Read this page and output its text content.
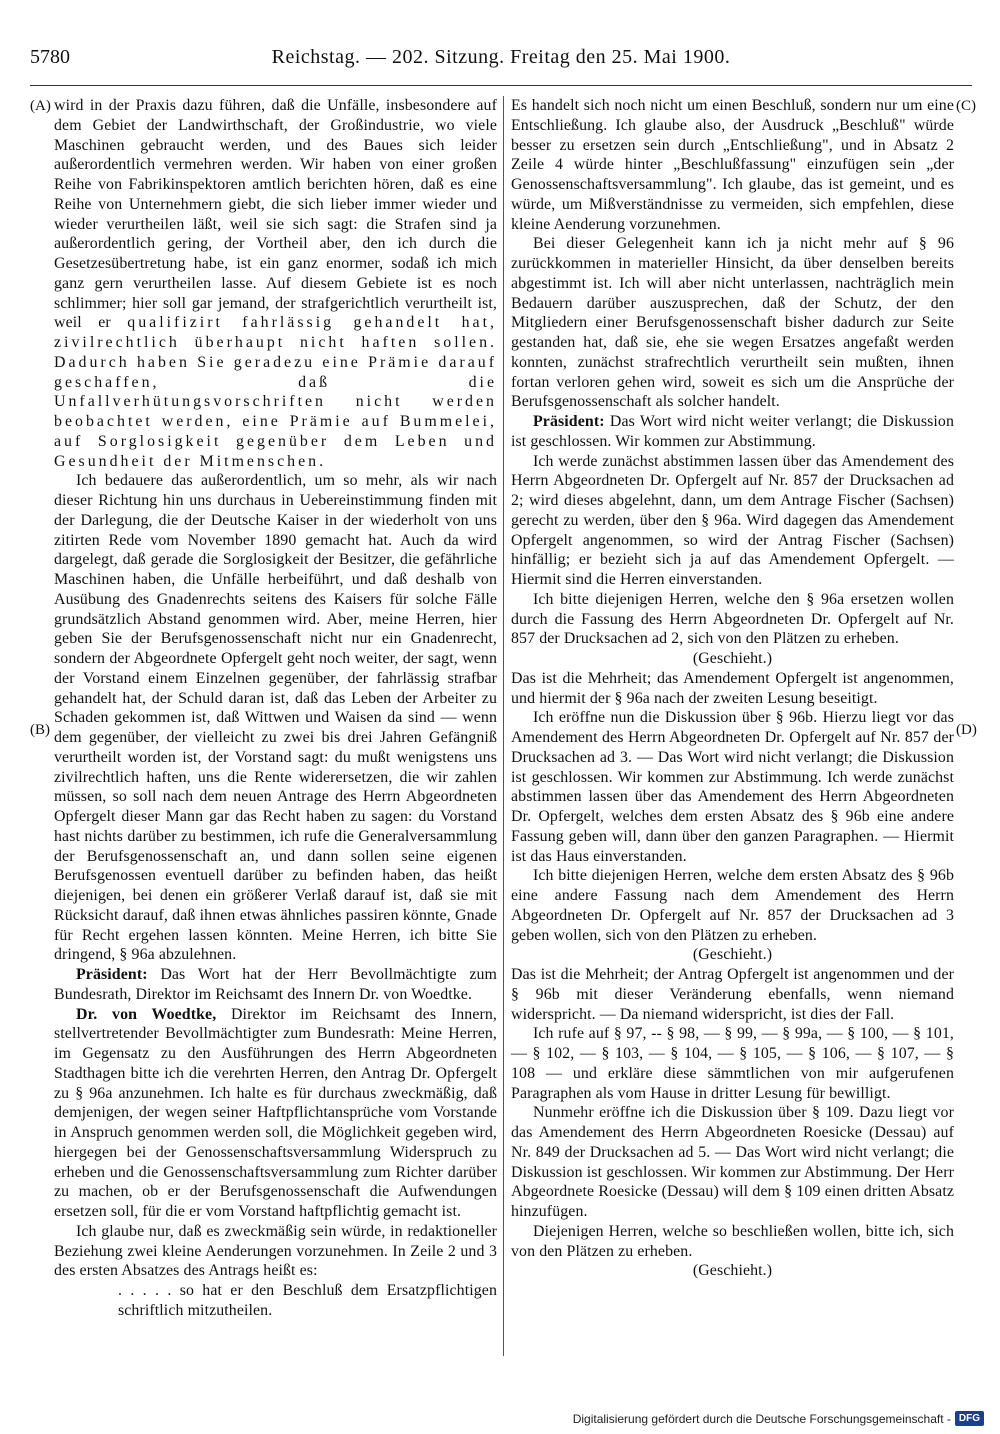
5780	Reichstag. — 202. Sitzung. Freitag den 25. Mai 1900.
(A)
(B)
(C)
(D)

wird in der Praxis dazu führen, daß die Unfälle, insbesondere auf dem Gebiet der Landwirthschaft, der Großindustrie, wo viele Maschinen gebraucht werden, und des Baues sich leider außerordentlich vermehren werden. Wir haben von einer großen Reihe von Fabrikinspektoren amtlich berichten hören, daß es eine Reihe von Unternehmern giebt, die sich lieber immer wieder und wieder verurtheilen läßt, weil sie sich sagt: die Strafen sind ja außerordentlich gering, der Vortheil aber, den ich durch die Gesetzesübertretung habe, ist ein ganz enormer, sodaß ich mich ganz gern verurtheilen lasse. Auf diesem Gebiete ist es noch schlimmer; hier soll gar jemand, der strafgerichtlich verurtheilt ist, weil er qualifizirt fahrlässig gehandelt hat, zivilrechtlich überhaupt nicht haften sollen. Dadurch haben Sie geradezu eine Prämie darauf geschaffen, daß die Unfallverhütungsvorschriften nicht werden beobachtet werden, eine Prämie auf Bummelei, auf Sorglosigkeit gegenüber dem Leben und Gesundheit der Mitmenschen.

Ich bedauere das außerordentlich, um so mehr, als wir nach dieser Richtung hin uns durchaus in Uebereinstimmung finden mit der Darlegung, die der Deutsche Kaiser in der wiederholt von uns zitirten Rede vom November 1890 gemacht hat. Auch da wird dargelegt, daß gerade die Sorglosigkeit der Besitzer, die gefährliche Maschinen haben, die Unfälle herbeiführt, und daß deshalb von Ausübung des Gnadenrechts seitens des Kaisers für solche Fälle grundsätzlich Abstand genommen wird. Aber, meine Herren, hier geben Sie der Berufsgenossenschaft nicht nur ein Gnadenrecht, sondern der Abgeordnete Opfergelt geht noch weiter, der sagt, wenn der Vorstand einem Einzelnen gegenüber, der fahrlässig strafbar gehandelt hat, der Schuld daran ist, daß das Leben der Arbeiter zu Schaden gekommen ist, daß Wittwen und Waisen da sind — wenn dem gegenüber, der vielleicht zu zwei bis drei Jahren Gefängniß verurtheilt worden ist, der Vorstand sagt: du mußt wenigstens uns zivilrechtlich haften, uns die Rente widerersetzen, die wir zahlen müssen, so soll nach dem neuen Antrage des Herrn Abgeordneten Opfergelt dieser Mann gar das Recht haben zu sagen: du Vorstand hast nichts darüber zu bestimmen, ich rufe die Generalversammlung der Berufsgenossenschaft an, und dann sollen seine eigenen Berufsgenossen eventuell darüber zu befinden haben, das heißt diejenigen, bei denen ein größerer Verlaß darauf ist, daß sie mit Rücksicht darauf, daß ihnen etwas ähnliches passiren könnte, Gnade für Recht ergehen lassen könnten. Meine Herren, ich bitte Sie dringend, § 96a abzulehnen.

Präsident: Das Wort hat der Herr Bevollmächtigte zum Bundesrath, Direktor im Reichsamt des Innern Dr. von Woedtke.

Dr. von Woedtke, Direktor im Reichsamt des Innern, stellvertretender Bevollmächtigter zum Bundesrath: Meine Herren, im Gegensatz zu den Ausführungen des Herrn Abgeordneten Stadthagen bitte ich die verehrten Herren, den Antrag Dr. Opfergelt zu § 96a anzunehmen. Ich halte es für durchaus zweckmäßig, daß demjenigen, der wegen seiner Haftpflichtansprüche vom Vorstande in Anspruch genommen werden soll, die Möglichkeit gegeben wird, hiergegen bei der Genossenschaftsversammlung Widerspruch zu erheben und die Genossenschaftsversammlung zum Richter darüber zu machen, ob er der Berufsgenossenschaft die Aufwendungen ersetzen soll, für die er vom Vorstand haftpflichtig gemacht ist.

Ich glaube nur, daß es zweckmäßig sein würde, in redaktioneller Beziehung zwei kleine Aenderungen vorzunehmen. In Zeile 2 und 3 des ersten Absatzes des Antrags heißt es:

. . . . . so hat er den Beschluß dem Ersatzpflichtigen schriftlich mitzutheilen.

Es handelt sich noch nicht um einen Beschluß, sondern nur um eine Entschließung. Ich glaube also, der Ausdruck „Beschluß" würde besser zu ersetzen sein durch „Entschließung", und in Absatz 2 Zeile 4 würde hinter „Beschlußfassung" einzufügen sein „der Genossenschaftsversammlung". Ich glaube, das ist gemeint, und es würde, um Mißverständnisse zu vermeiden, sich empfehlen, diese kleine Aenderung vorzunehmen.

Bei dieser Gelegenheit kann ich ja nicht mehr auf § 96 zurückkommen in materieller Hinsicht, da über denselben bereits abgestimmt ist. Ich will aber nicht unterlassen, nachträglich mein Bedauern darüber auszusprechen, daß der Schutz, der den Mitgliedern einer Berufsgenossenschaft bisher dadurch zur Seite gestanden hat, daß sie, ehe sie wegen Ersatzes angefaßt werden konnten, zunächst strafrechtlich verurtheilt sein mußten, ihnen fortan verloren gehen wird, soweit es sich um die Ansprüche der Berufsgenossenschaft als solcher handelt.

Präsident: Das Wort wird nicht weiter verlangt; die Diskussion ist geschlossen. Wir kommen zur Abstimmung.

Ich werde zunächst abstimmen lassen über das Amendement des Herrn Abgeordneten Dr. Opfergelt auf Nr. 857 der Drucksachen ad 2; wird dieses abgelehnt, dann, um dem Antrage Fischer (Sachsen) gerecht zu werden, über den § 96a. Wird dagegen das Amendement Opfergelt angenommen, so wird der Antrag Fischer (Sachsen) hinfällig; er bezieht sich ja auf das Amendement Opfergelt. — Hiermit sind die Herren einverstanden.

Ich bitte diejenigen Herren, welche den § 96a ersetzen wollen durch die Fassung des Herrn Abgeordneten Dr. Opfergelt auf Nr. 857 der Drucksachen ad 2, sich von den Plätzen zu erheben.

(Geschieht.)

Das ist die Mehrheit; das Amendement Opfergelt ist angenommen, und hiermit der § 96a nach der zweiten Lesung beseitigt.

Ich eröffne nun die Diskussion über § 96b. Hierzu liegt vor das Amendement des Herrn Abgeordneten Dr. Opfergelt auf Nr. 857 der Drucksachen ad 3. — Das Wort wird nicht verlangt; die Diskussion ist geschlossen. Wir kommen zur Abstimmung. Ich werde zunächst abstimmen lassen über das Amendement des Herrn Abgeordneten Dr. Opfergelt, welches dem ersten Absatz des § 96b eine andere Fassung geben will, dann über den ganzen Paragraphen. — Hiermit ist das Haus einverstanden.

Ich bitte diejenigen Herren, welche dem ersten Absatz des § 96b eine andere Fassung nach dem Amendement des Herrn Abgeordneten Dr. Opfergelt auf Nr. 857 der Drucksachen ad 3 geben wollen, sich von den Plätzen zu erheben.

(Geschieht.)

Das ist die Mehrheit; der Antrag Opfergelt ist angenommen und der § 96b mit dieser Veränderung ebenfalls, wenn niemand widerspricht. — Da niemand widerspricht, ist dies der Fall.

Ich rufe auf § 97, -- § 98, — § 99, — § 99a, — § 100, — § 101, — § 102, — § 103, — § 104, — § 105, — § 106, — § 107, — § 108 — und erkläre diese sämmtlichen von mir aufgerufenen Paragraphen als vom Hause in dritter Lesung für bewilligt.

Nunmehr eröffne ich die Diskussion über § 109. Dazu liegt vor das Amendement des Herrn Abgeordneten Roesicke (Dessau) auf Nr. 849 der Drucksachen ad 5. — Das Wort wird nicht verlangt; die Diskussion ist geschlossen. Wir kommen zur Abstimmung. Der Herr Abgeordnete Roesicke (Dessau) will dem § 109 einen dritten Absatz hinzufügen.

Diejenigen Herren, welche so beschließen wollen, bitte ich, sich von den Plätzen zu erheben.

(Geschieht.)

Digitalisierung gefördert durch die Deutsche Forschungsgemeinschaft - DFG
